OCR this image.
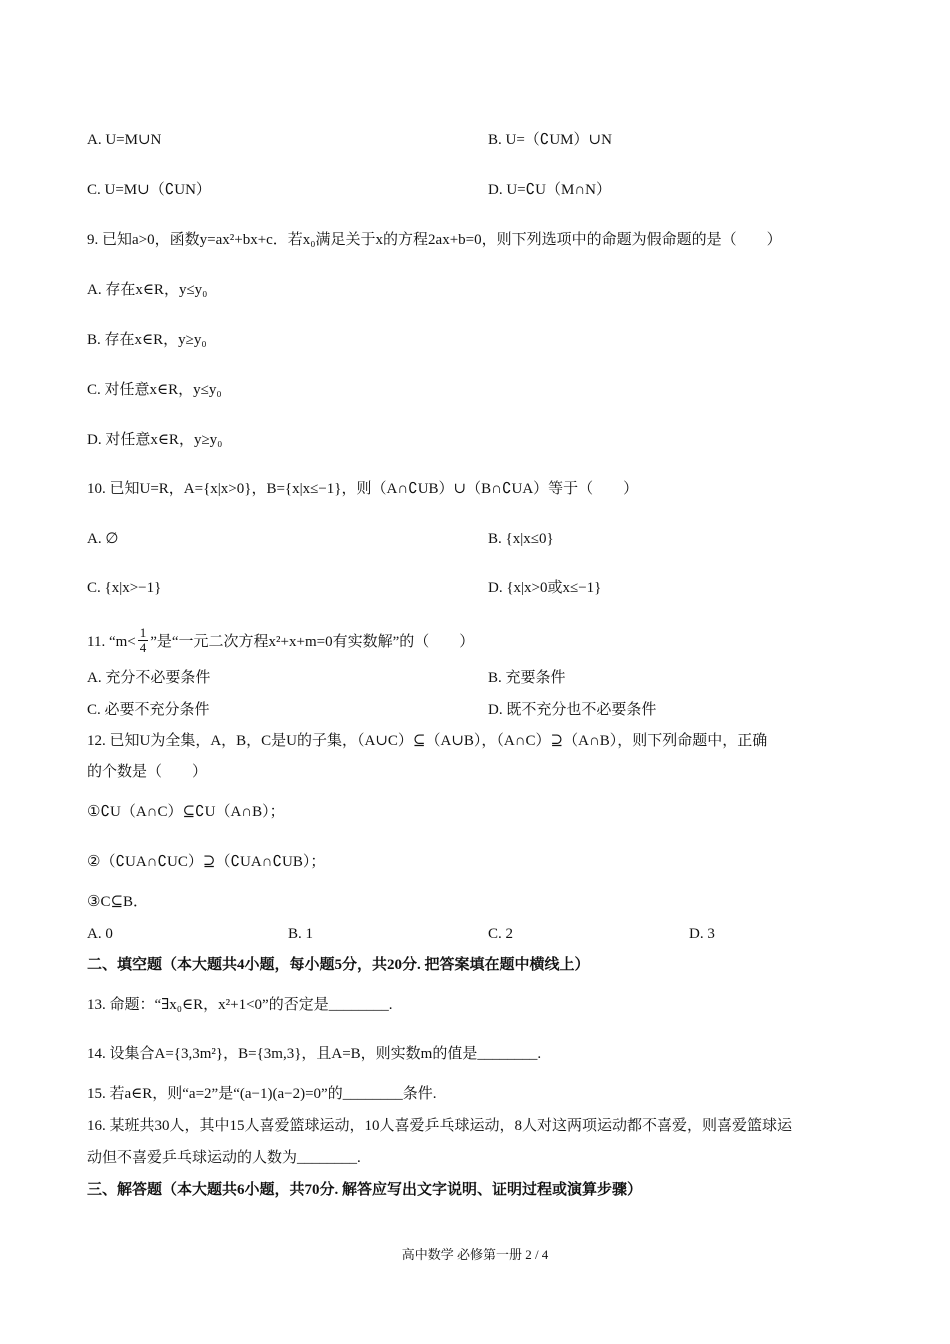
A. U=M∪N	B. U=（∁UM）∪N
C. U=M∪（∁UN）	D. U=∁U（M∩N）
9. 已知a>0，函数y=ax²+bx+c．若x₀满足关于x的方程2ax+b=0，则下列选项中的命题为假命题的是（　　）
A. 存在x∈R，y≤y₀
B. 存在x∈R，y≥y₀
C. 对任意x∈R，y≤y₀
D. 对任意x∈R，y≥y₀
10. 已知U=R，A={x|x>0}，B={x|x≤−1}，则（A∩∁UB）∪（B∩∁UA）等于（　　）
A. ∅	B. {x|x≤0}
C. {x|x>−1}	D. {x|x>0或x≤−1}
11. “$m< \frac{1}{4}$ ”是“一元二次方程x²+x+m=0有实数解”的（　　）
A. 充分不必要条件	B. 充要条件
C. 必要不充分条件	D. 既不充分也不必要条件
12. 已知U为全集，A，B，C是U的子集，（A∪C）⊆（A∪B），（A∩C）⊇（A∩B），则下列命题中，正确
的个数是（　　）
①∁U（A∩C）⊆∁U（A∩B）；
②（∁UA∩∁UC）⊇（∁UA∩∁UB）；
③C⊆B．
A. 0	B. 1	C. 2	D. 3
二、填空题（本大题共4小题，每小题5分，共20分. 把答案填在题中横线上）
13. 命题：“∃x₀∈R，x²+1<0”的否定是________.
14. 设集合A={3,3m²}，B={3m,3}，且A=B，则实数m的值是________.
15. 若a∈R，则“a=2”是“(a−1)(a−2)=0”的________条件.
16. 某班共30人，其中15人喜爱篮球运动，10人喜爱乒乓球运动，8人对这两项运动都不喜爱，则喜爱篮球运
动但不喜爱乒乓球运动的人数为________.
三、解答题（本大题共6小题，共70分. 解答应写出文字说明、证明过程或演算步骤）
高中数学 必修第一册 2 / 4
